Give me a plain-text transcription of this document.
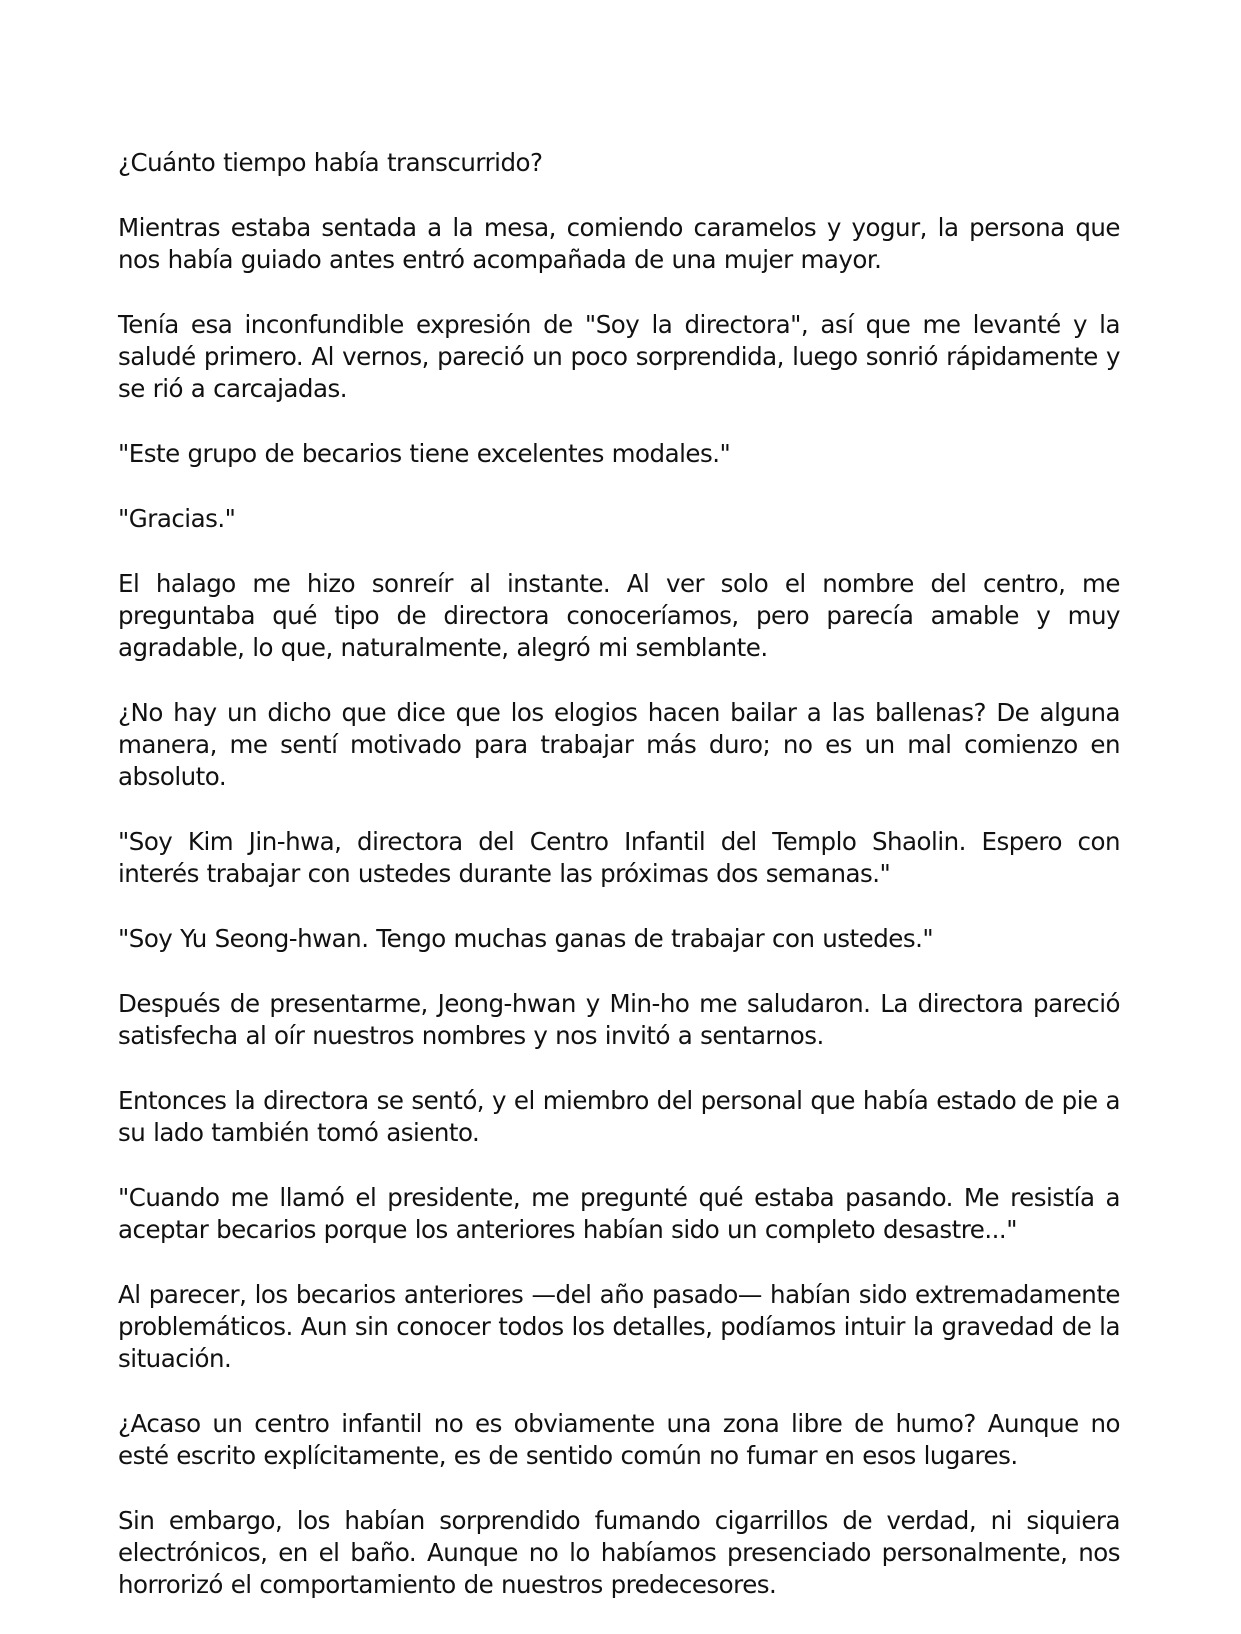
¿Cuánto tiempo había transcurrido?

Mientras estaba sentada a la mesa, comiendo caramelos y yogur, la persona que nos había guiado antes entró acompañada de una mujer mayor.

Tenía esa inconfundible expresión de "Soy la directora", así que me levanté y la saludé primero. Al vernos, pareció un poco sorprendida, luego sonrió rápidamente y se rió a carcajadas.

"Este grupo de becarios tiene excelentes modales."

"Gracias."

El halago me hizo sonreír al instante. Al ver solo el nombre del centro, me preguntaba qué tipo de directora conoceríamos, pero parecía amable y muy agradable, lo que, naturalmente, alegró mi semblante.

¿No hay un dicho que dice que los elogios hacen bailar a las ballenas? De alguna manera, me sentí motivado para trabajar más duro; no es un mal comienzo en absoluto.

"Soy Kim Jin-hwa, directora del Centro Infantil del Templo Shaolin. Espero con interés trabajar con ustedes durante las próximas dos semanas."

"Soy Yu Seong-hwan. Tengo muchas ganas de trabajar con ustedes."

Después de presentarme, Jeong-hwan y Min-ho me saludaron. La directora pareció satisfecha al oír nuestros nombres y nos invitó a sentarnos.

Entonces la directora se sentó, y el miembro del personal que había estado de pie a su lado también tomó asiento.

"Cuando me llamó el presidente, me pregunté qué estaba pasando. Me resistía a aceptar becarios porque los anteriores habían sido un completo desastre..."

Al parecer, los becarios anteriores —del año pasado— habían sido extremadamente problemáticos. Aun sin conocer todos los detalles, podíamos intuir la gravedad de la situación.

¿Acaso un centro infantil no es obviamente una zona libre de humo? Aunque no esté escrito explícitamente, es de sentido común no fumar en esos lugares.

Sin embargo, los habían sorprendido fumando cigarrillos de verdad, ni siquiera electrónicos, en el baño. Aunque no lo habíamos presenciado personalmente, nos horrorizó el comportamiento de nuestros predecesores.
